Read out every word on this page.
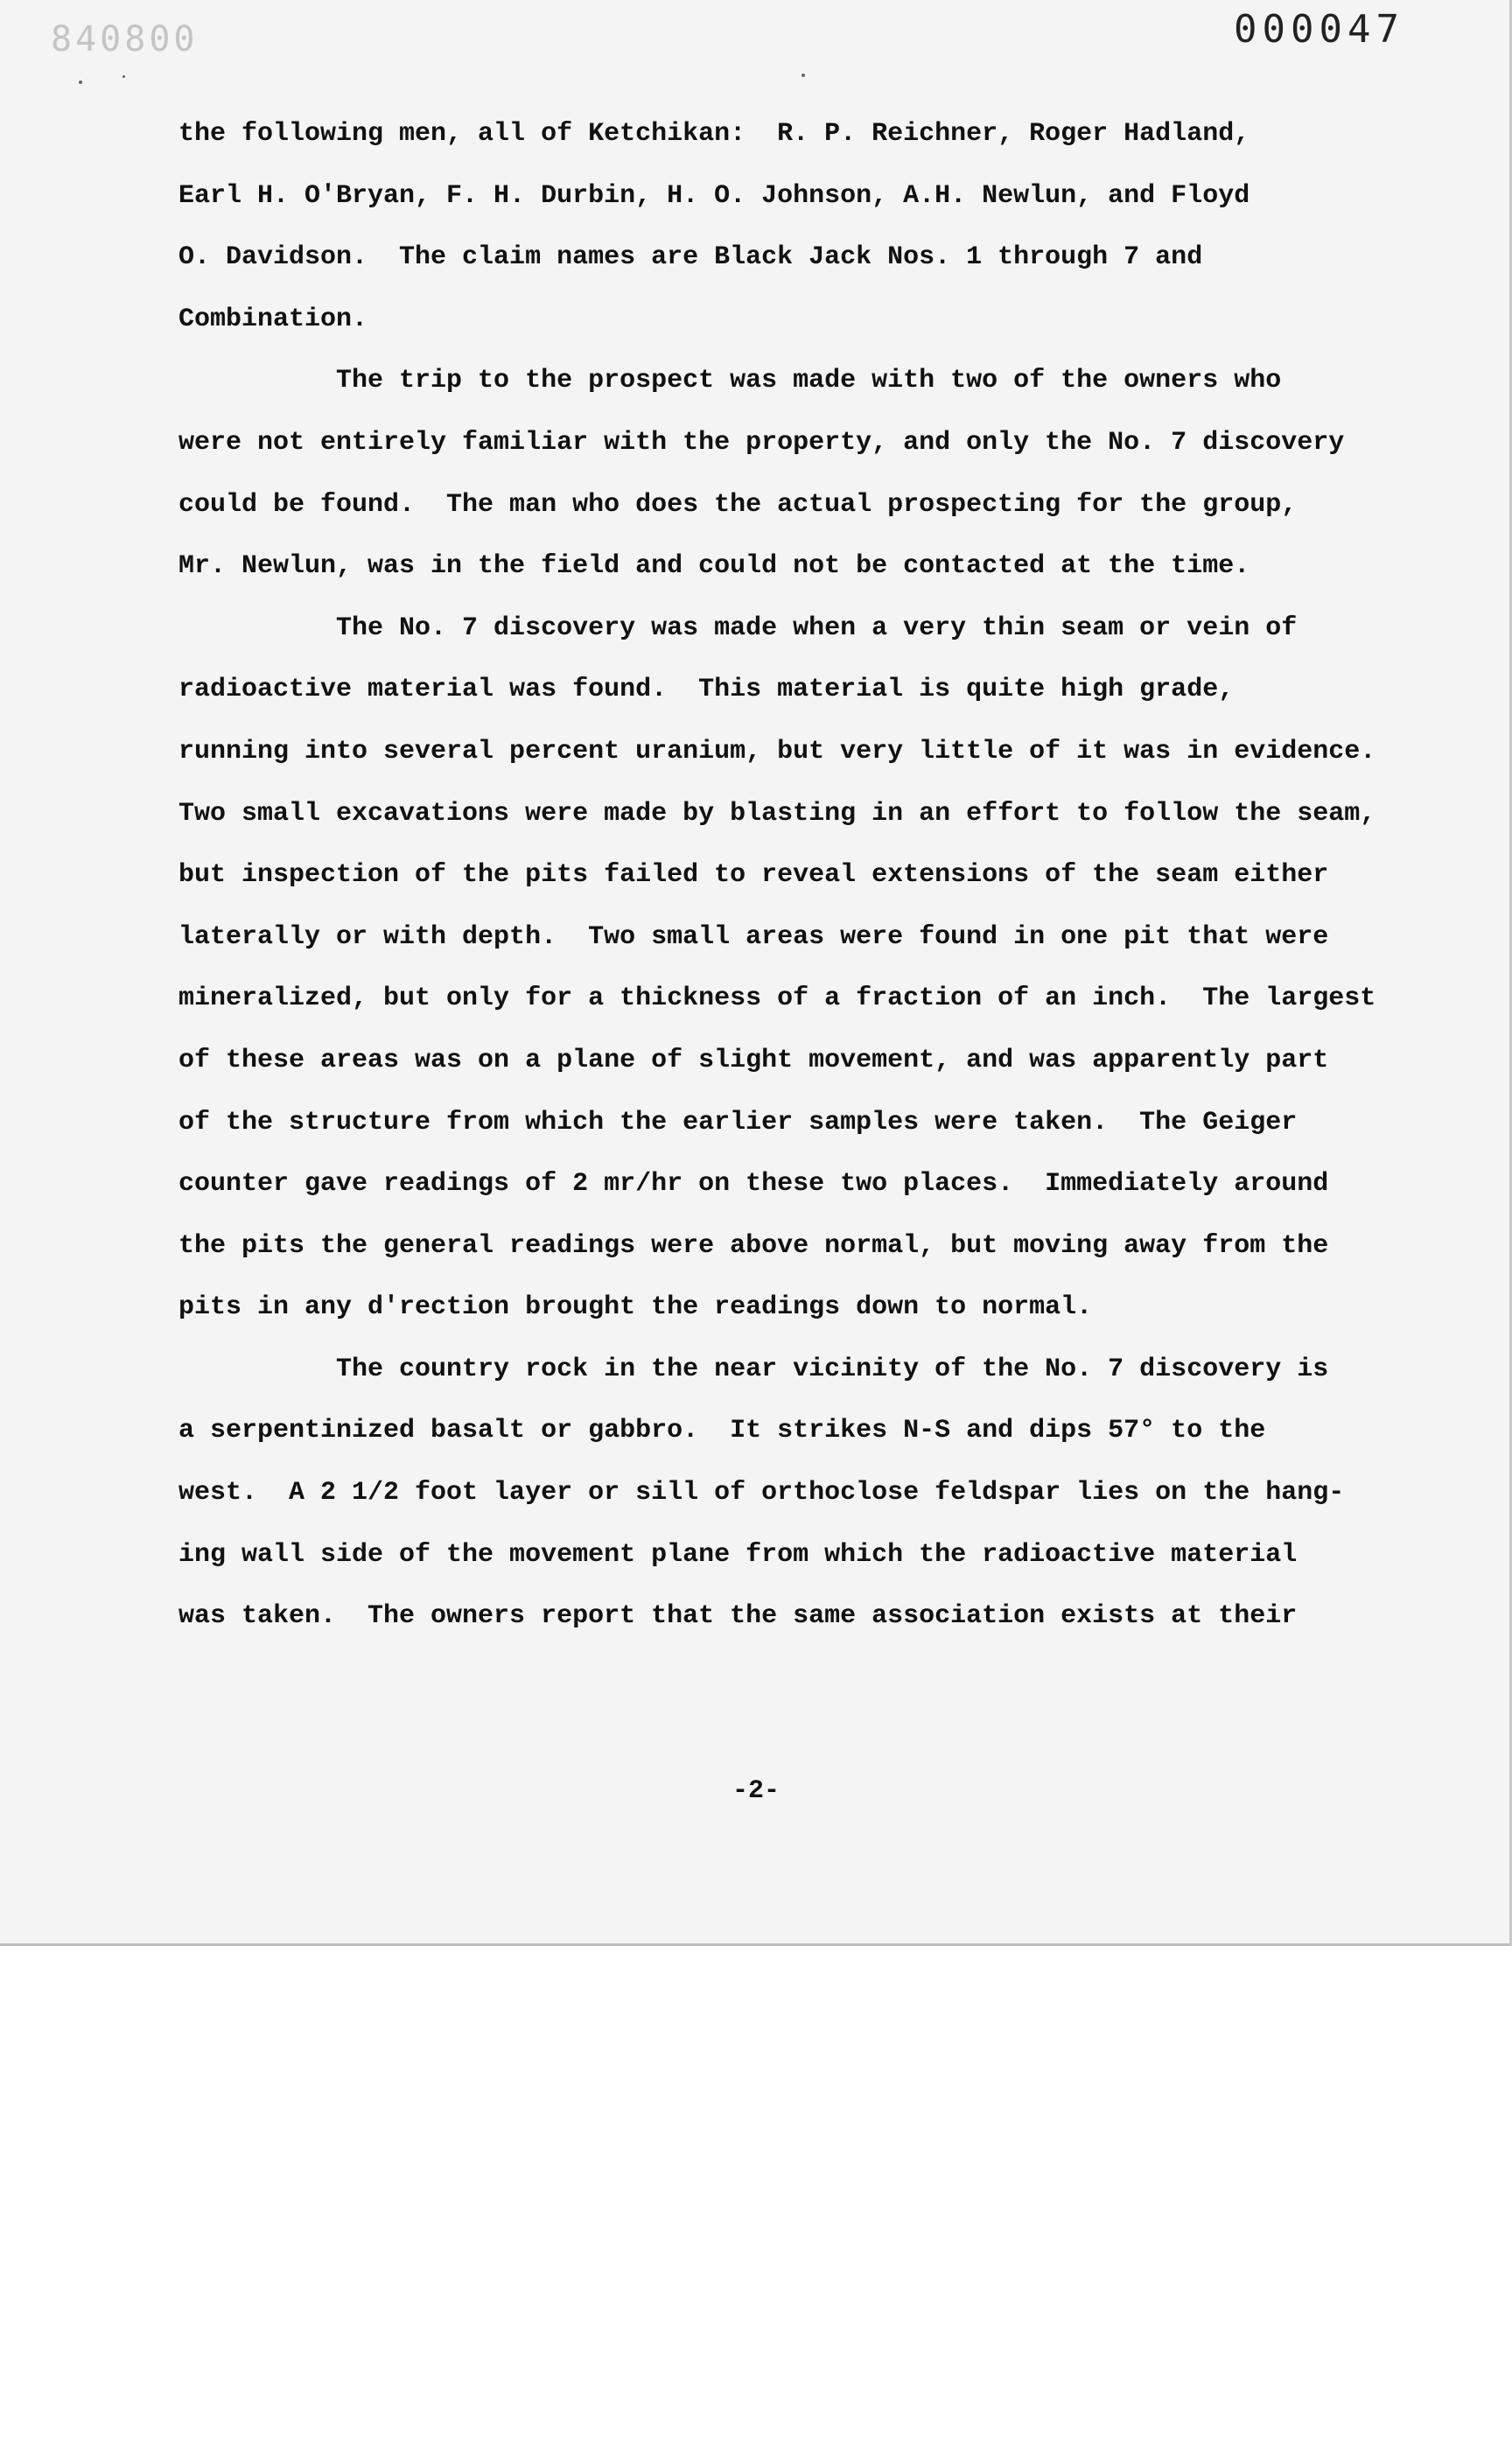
840800	000047
the following men, all of Ketchikan:  R. P. Reichner, Roger Hadland,
Earl H. O'Bryan, F. H. Durbin, H. O. Johnson, A.H. Newlun, and Floyd
O. Davidson.  The claim names are Black Jack Nos. 1 through 7 and
Combination.
The trip to the prospect was made with two of the owners who
were not entirely familiar with the property, and only the No. 7 discovery
could be found.  The man who does the actual prospecting for the group,
Mr. Newlun, was in the field and could not be contacted at the time.
The No. 7 discovery was made when a very thin seam or vein of
radioactive material was found.  This material is quite high grade,
running into several percent uranium, but very little of it was in evidence.
Two small excavations were made by blasting in an effort to follow the seam,
but inspection of the pits failed to reveal extensions of the seam either
laterally or with depth.  Two small areas were found in one pit that were
mineralized, but only for a thickness of a fraction of an inch.  The largest
of these areas was on a plane of slight movement, and was apparently part
of the structure from which the earlier samples were taken.  The Geiger
counter gave readings of 2 mr/hr on these two places.  Immediately around
the pits the general readings were above normal, but moving away from the
pits in any d'rection brought the readings down to normal.
The country rock in the near vicinity of the No. 7 discovery is
a serpentinized basalt or gabbro.  It strikes N-S and dips 57° to the
west.  A 2 1/2 foot layer or sill of orthoclose feldspar lies on the hang-
ing wall side of the movement plane from which the radioactive material
was taken.  The owners report that the same association exists at their
-2-
